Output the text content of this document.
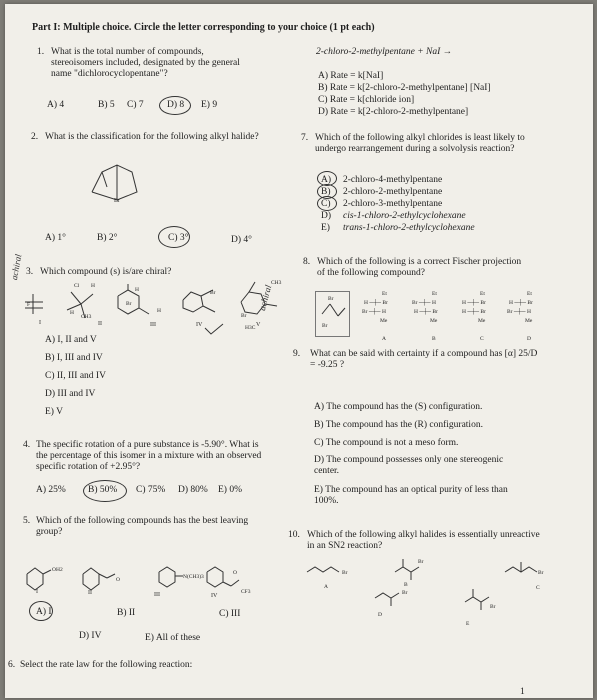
Part I: Multiple choice. Circle the letter corresponding to your choice (1 pt each)
1. What is the total number of compounds, stereoisomers included, designated by the general name "dichlorocyclopentane"?
A) 4	B) 5 C) 7 D) 8 E) 9
2. What is the classification for the following alkyl halide?
Br
A) 1°	B) 2°	C) 3°	D) 4°
3. Which compound (s) is/are chiral?
achiral
achiral
Cl H
H
CH3
F	Br
Br
Br
H
H
H3C
CH3
I	II	III	IV	V
A) I, II and V
B) I, III and IV
C) II, III and IV
D) III and IV
E) V
4. The specific rotation of a pure substance is -5.90°. What is the percentage of this isomer in a mixture with an observed specific rotation of +2.95°?
A) 25% B) 50% C) 75% D) 80% E) 0%
5. Which of the following compounds has the best leaving group?
OH2
O	N(CH3)3
O
CF3
I	II	III	IV
A) I	B) II	C) III
D) IV	E) All of these
6. Select the rate law for the following reaction:
2-chloro-2-methylpentane + NaI →
A) Rate = k[NaI]
B) Rate = k[2-chloro-2-methylpentane] [NaI]
C) Rate = k[chloride ion]
D) Rate = k[2-chloro-2-methylpentane]
7. Which of the following alkyl chlorides is least likely to undergo rearrangement during a solvolysis reaction?
A) 2-chloro-4-methylpentane
B) 2-chloro-2-methylpentane
C) 2-chloro-3-methylpentane
D) cis-1-chloro-2-ethylcyclohexane
E) trans-1-chloro-2-ethylcyclohexane
8. Which of the following is a correct Fischer projection of the following compound?
Br
Br
Et
H ─┼─ Br
Br ─┼─ H
Me
A
Et
Br ─┼─ H
H ─┼─ Br
Me
B
Et
H ─┼─ Br
H ─┼─ Br
Me
C
Et
H ─┼─ Br
Br ─┼─ H
Me
D
9. What can be said with certainty if a compound has [α] 25/D = -9.25 ?
A) The compound has the (S) configuration.
B) The compound has the (R) configuration.
C) The compound is not a meso form.
D) The compound possesses only one stereogenic center.
E) The compound has an optical purity of less than 100%.
10. Which of the following alkyl halides is essentially unreactive in an SN2 reaction?
Br
Br
Br
Br
Br
A	B	C
D
E
1
